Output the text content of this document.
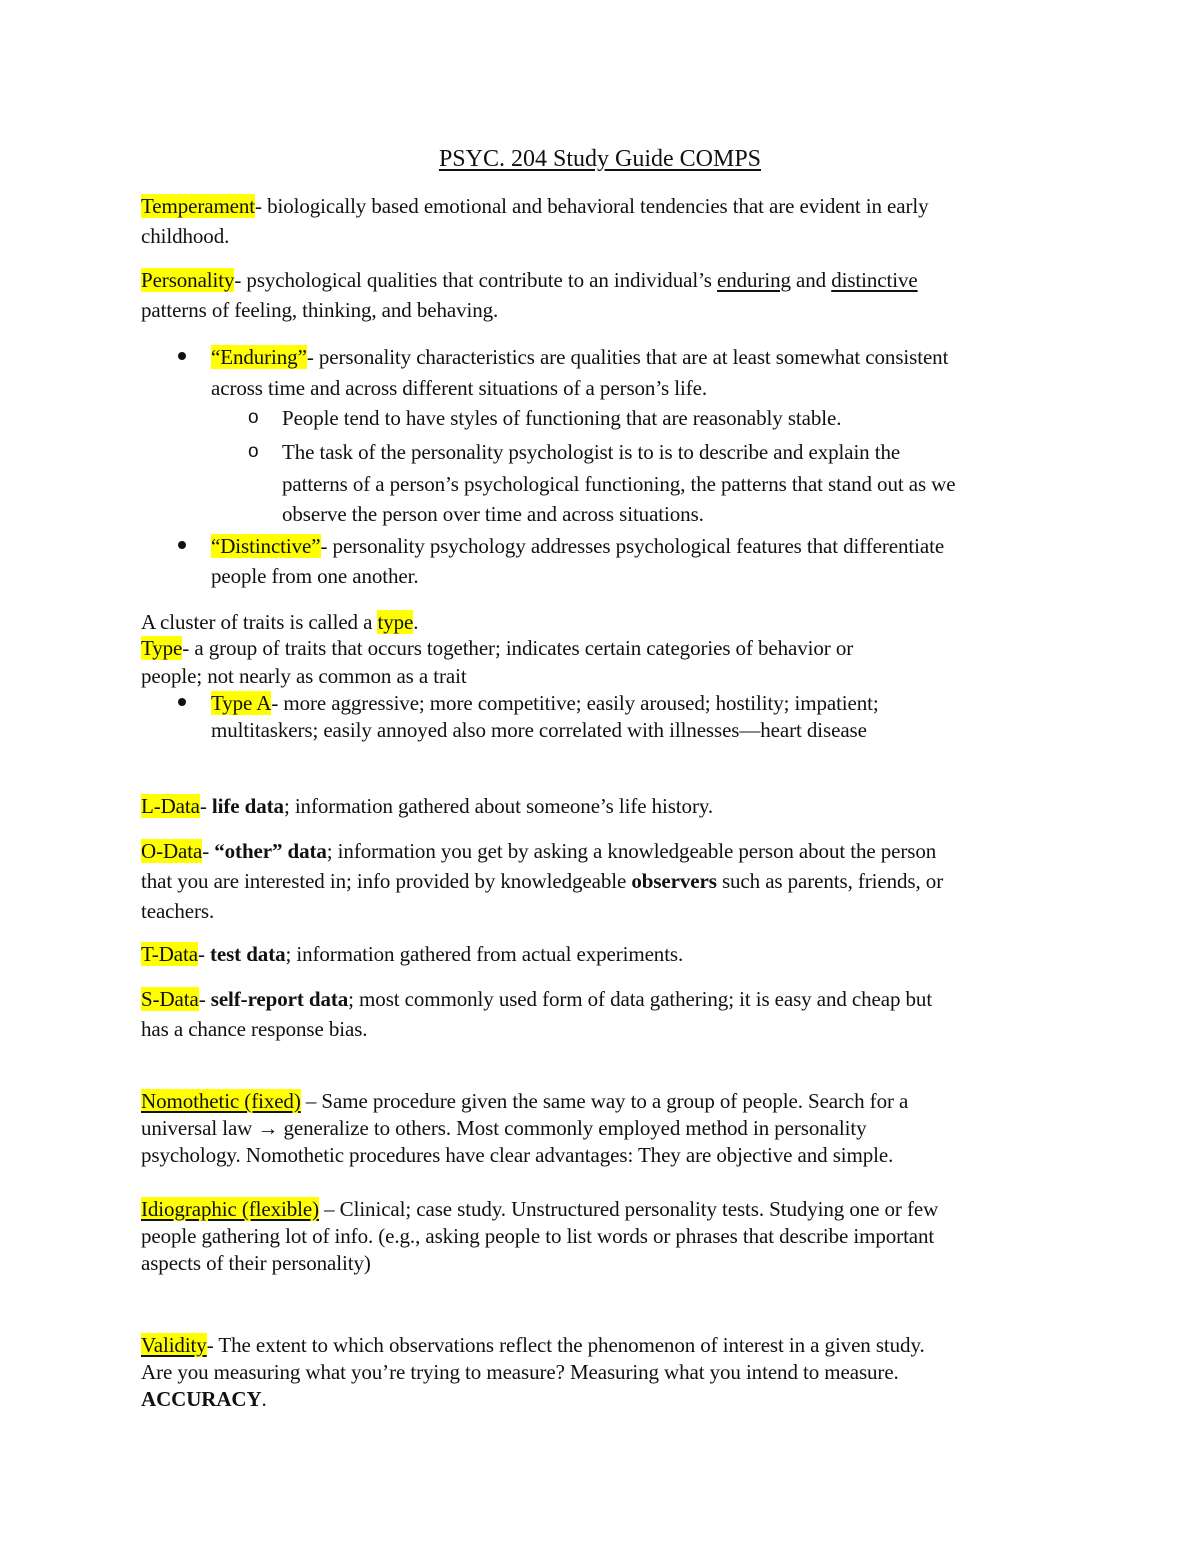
PSYC. 204 Study Guide COMPS
Temperament- biologically based emotional and behavioral tendencies that are evident in early
childhood.
Personality- psychological qualities that contribute to an individual’s enduring and distinctive
patterns of feeling, thinking, and behaving.
“Enduring”- personality characteristics are qualities that are at least somewhat consistent
across time and across different situations of a person’s life.
o People tend to have styles of functioning that are reasonably stable.
o The task of the personality psychologist is to is to describe and explain the
patterns of a person’s psychological functioning, the patterns that stand out as we
observe the person over time and across situations.
“Distinctive”- personality psychology addresses psychological features that differentiate
people from one another.
A cluster of traits is called a type.
Type- a group of traits that occurs together; indicates certain categories of behavior or
people; not nearly as common as a trait
Type A- more aggressive; more competitive; easily aroused; hostility; impatient;
multitaskers; easily annoyed also more correlated with illnesses—heart disease
L-Data- life data; information gathered about someone’s life history.
O-Data- “other” data; information you get by asking a knowledgeable person about the person
that you are interested in; info provided by knowledgeable observers such as parents, friends, or
teachers.
T-Data- test data; information gathered from actual experiments.
S-Data- self-report data; most commonly used form of data gathering; it is easy and cheap but
has a chance response bias.
Nomothetic (fixed) – Same procedure given the same way to a group of people. Search for a
universal law → generalize to others. Most commonly employed method in personality
psychology. Nomothetic procedures have clear advantages: They are objective and simple.
Idiographic (flexible) – Clinical; case study. Unstructured personality tests. Studying one or few
people gathering lot of info. (e.g., asking people to list words or phrases that describe important
aspects of their personality)
Validity- The extent to which observations reflect the phenomenon of interest in a given study.
Are you measuring what you’re trying to measure? Measuring what you intend to measure.
ACCURACY.
